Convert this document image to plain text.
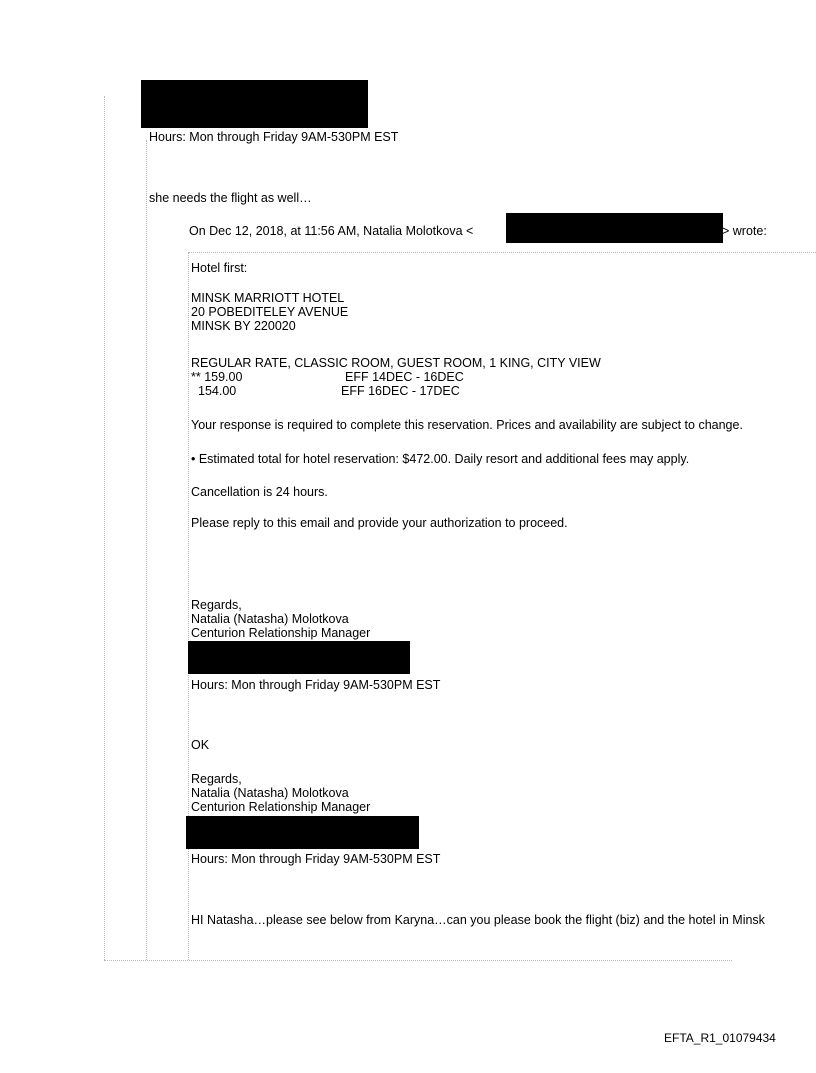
Hours: Mon through Friday 9AM-530PM EST
she needs the flight as well…
On Dec 12, 2018, at 11:56 AM, Natalia Molotkova <	> wrote:
Hotel first:
MINSK MARRIOTT HOTEL
20 POBEDITELEY AVENUE
MINSK BY 220020
REGULAR RATE, CLASSIC ROOM, GUEST ROOM, 1 KING, CITY VIEW
** 159.00	EFF 14DEC - 16DEC
154.00	EFF 16DEC - 17DEC
Your response is required to complete this reservation. Prices and availability are subject to change.
• Estimated total for hotel reservation: $472.00. Daily resort and additional fees may apply.
Cancellation is 24 hours.
Please reply to this email and provide your authorization to proceed.
Regards,
Natalia (Natasha) Molotkova
Centurion Relationship Manager
Hours: Mon through Friday 9AM-530PM EST
OK
Regards,
Natalia (Natasha) Molotkova
Centurion Relationship Manager
Hours: Mon through Friday 9AM-530PM EST
HI Natasha…please see below from Karyna…can you please book the flight (biz) and the hotel in Minsk
EFTA_R1_01079434
